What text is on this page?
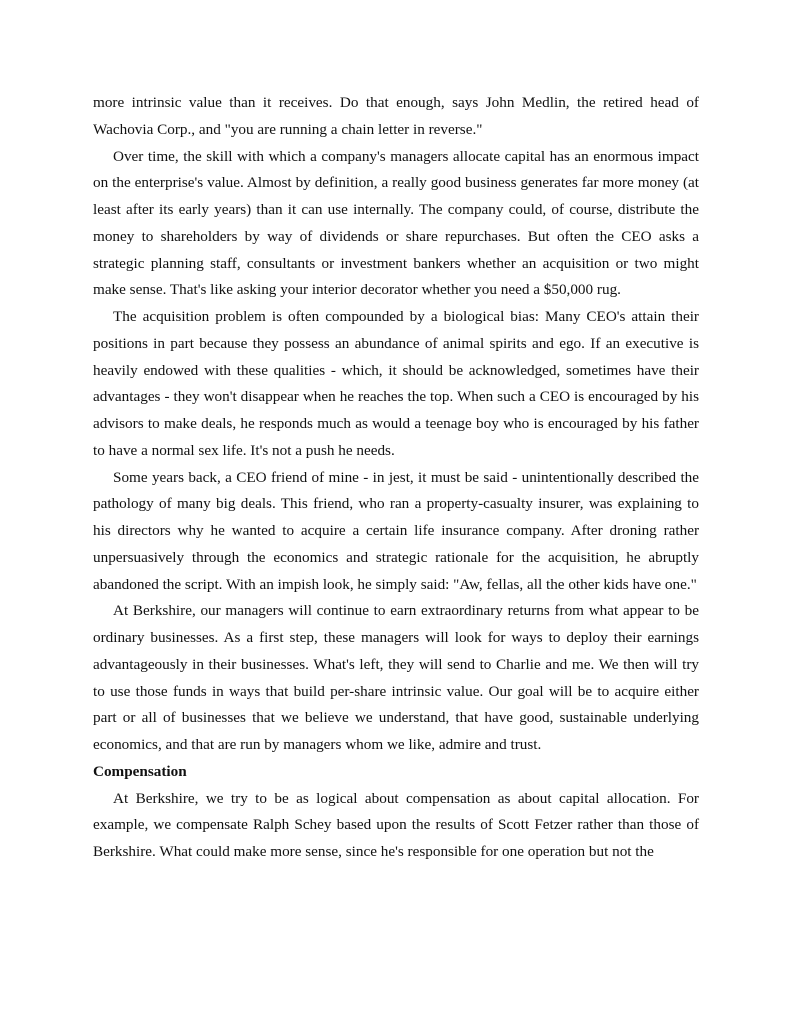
more intrinsic value than it receives. Do that enough, says John Medlin, the retired head of Wachovia Corp., and "you are running a chain letter in reverse."

Over time, the skill with which a company's managers allocate capital has an enormous impact on the enterprise's value. Almost by definition, a really good business generates far more money (at least after its early years) than it can use internally. The company could, of course, distribute the money to shareholders by way of dividends or share repurchases. But often the CEO asks a strategic planning staff, consultants or investment bankers whether an acquisition or two might make sense. That's like asking your interior decorator whether you need a $50,000 rug.

The acquisition problem is often compounded by a biological bias: Many CEO's attain their positions in part because they possess an abundance of animal spirits and ego. If an executive is heavily endowed with these qualities - which, it should be acknowledged, sometimes have their advantages - they won't disappear when he reaches the top. When such a CEO is encouraged by his advisors to make deals, he responds much as would a teenage boy who is encouraged by his father to have a normal sex life. It's not a push he needs.

Some years back, a CEO friend of mine - in jest, it must be said - unintentionally described the pathology of many big deals. This friend, who ran a property-casualty insurer, was explaining to his directors why he wanted to acquire a certain life insurance company. After droning rather unpersuasively through the economics and strategic rationale for the acquisition, he abruptly abandoned the script. With an impish look, he simply said: "Aw, fellas, all the other kids have one."

At Berkshire, our managers will continue to earn extraordinary returns from what appear to be ordinary businesses. As a first step, these managers will look for ways to deploy their earnings advantageously in their businesses. What's left, they will send to Charlie and me. We then will try to use those funds in ways that build per-share intrinsic value. Our goal will be to acquire either part or all of businesses that we believe we understand, that have good, sustainable underlying economics, and that are run by managers whom we like, admire and trust.

Compensation

At Berkshire, we try to be as logical about compensation as about capital allocation. For example, we compensate Ralph Schey based upon the results of Scott Fetzer rather than those of Berkshire. What could make more sense, since he's responsible for one operation but not the
